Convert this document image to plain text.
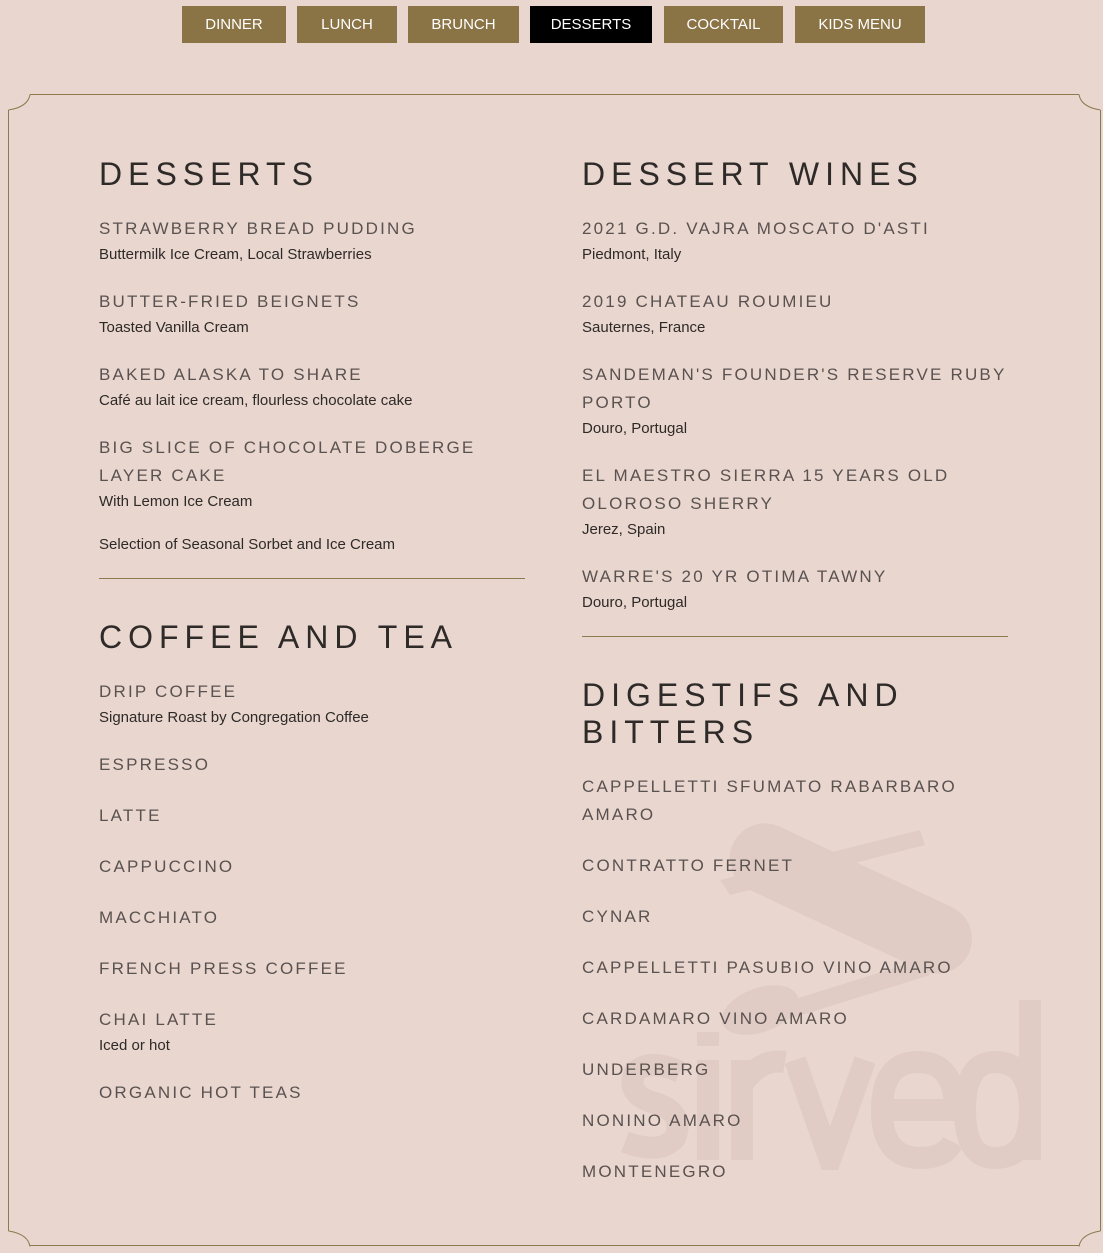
DINNER	LUNCH	BRUNCH	DESSERTS	COCKTAIL	KIDS MENU
DESSERTS
STRAWBERRY BREAD PUDDING
Buttermilk Ice Cream, Local Strawberries
BUTTER-FRIED BEIGNETS
Toasted Vanilla Cream
BAKED ALASKA TO SHARE
Café au lait ice cream, flourless chocolate cake
BIG SLICE OF CHOCOLATE DOBERGE LAYER CAKE
With Lemon Ice Cream
Selection of Seasonal Sorbet and Ice Cream
COFFEE AND TEA
DRIP COFFEE
Signature Roast by Congregation Coffee
ESPRESSO
LATTE
CAPPUCCINO
MACCHIATO
FRENCH PRESS COFFEE
CHAI LATTE
Iced or hot
ORGANIC HOT TEAS
DESSERT WINES
2021 G.D. VAJRA MOSCATO D'ASTI
Piedmont, Italy
2019 CHATEAU ROUMIEU
Sauternes, France
SANDEMAN'S FOUNDER'S RESERVE RUBY PORTO
Douro, Portugal
EL MAESTRO SIERRA 15 YEARS OLD OLOROSO SHERRY
Jerez, Spain
WARRE'S 20 YR OTIMA TAWNY
Douro, Portugal
DIGESTIFS AND BITTERS
CAPPELLETTI SFUMATO RABARBARO AMARO
CONTRATTO FERNET
CYNAR
CAPPELLETTI PASUBIO VINO AMARO
CARDAMARO VINO AMARO
UNDERBERG
NONINO AMARO
MONTENEGRO
